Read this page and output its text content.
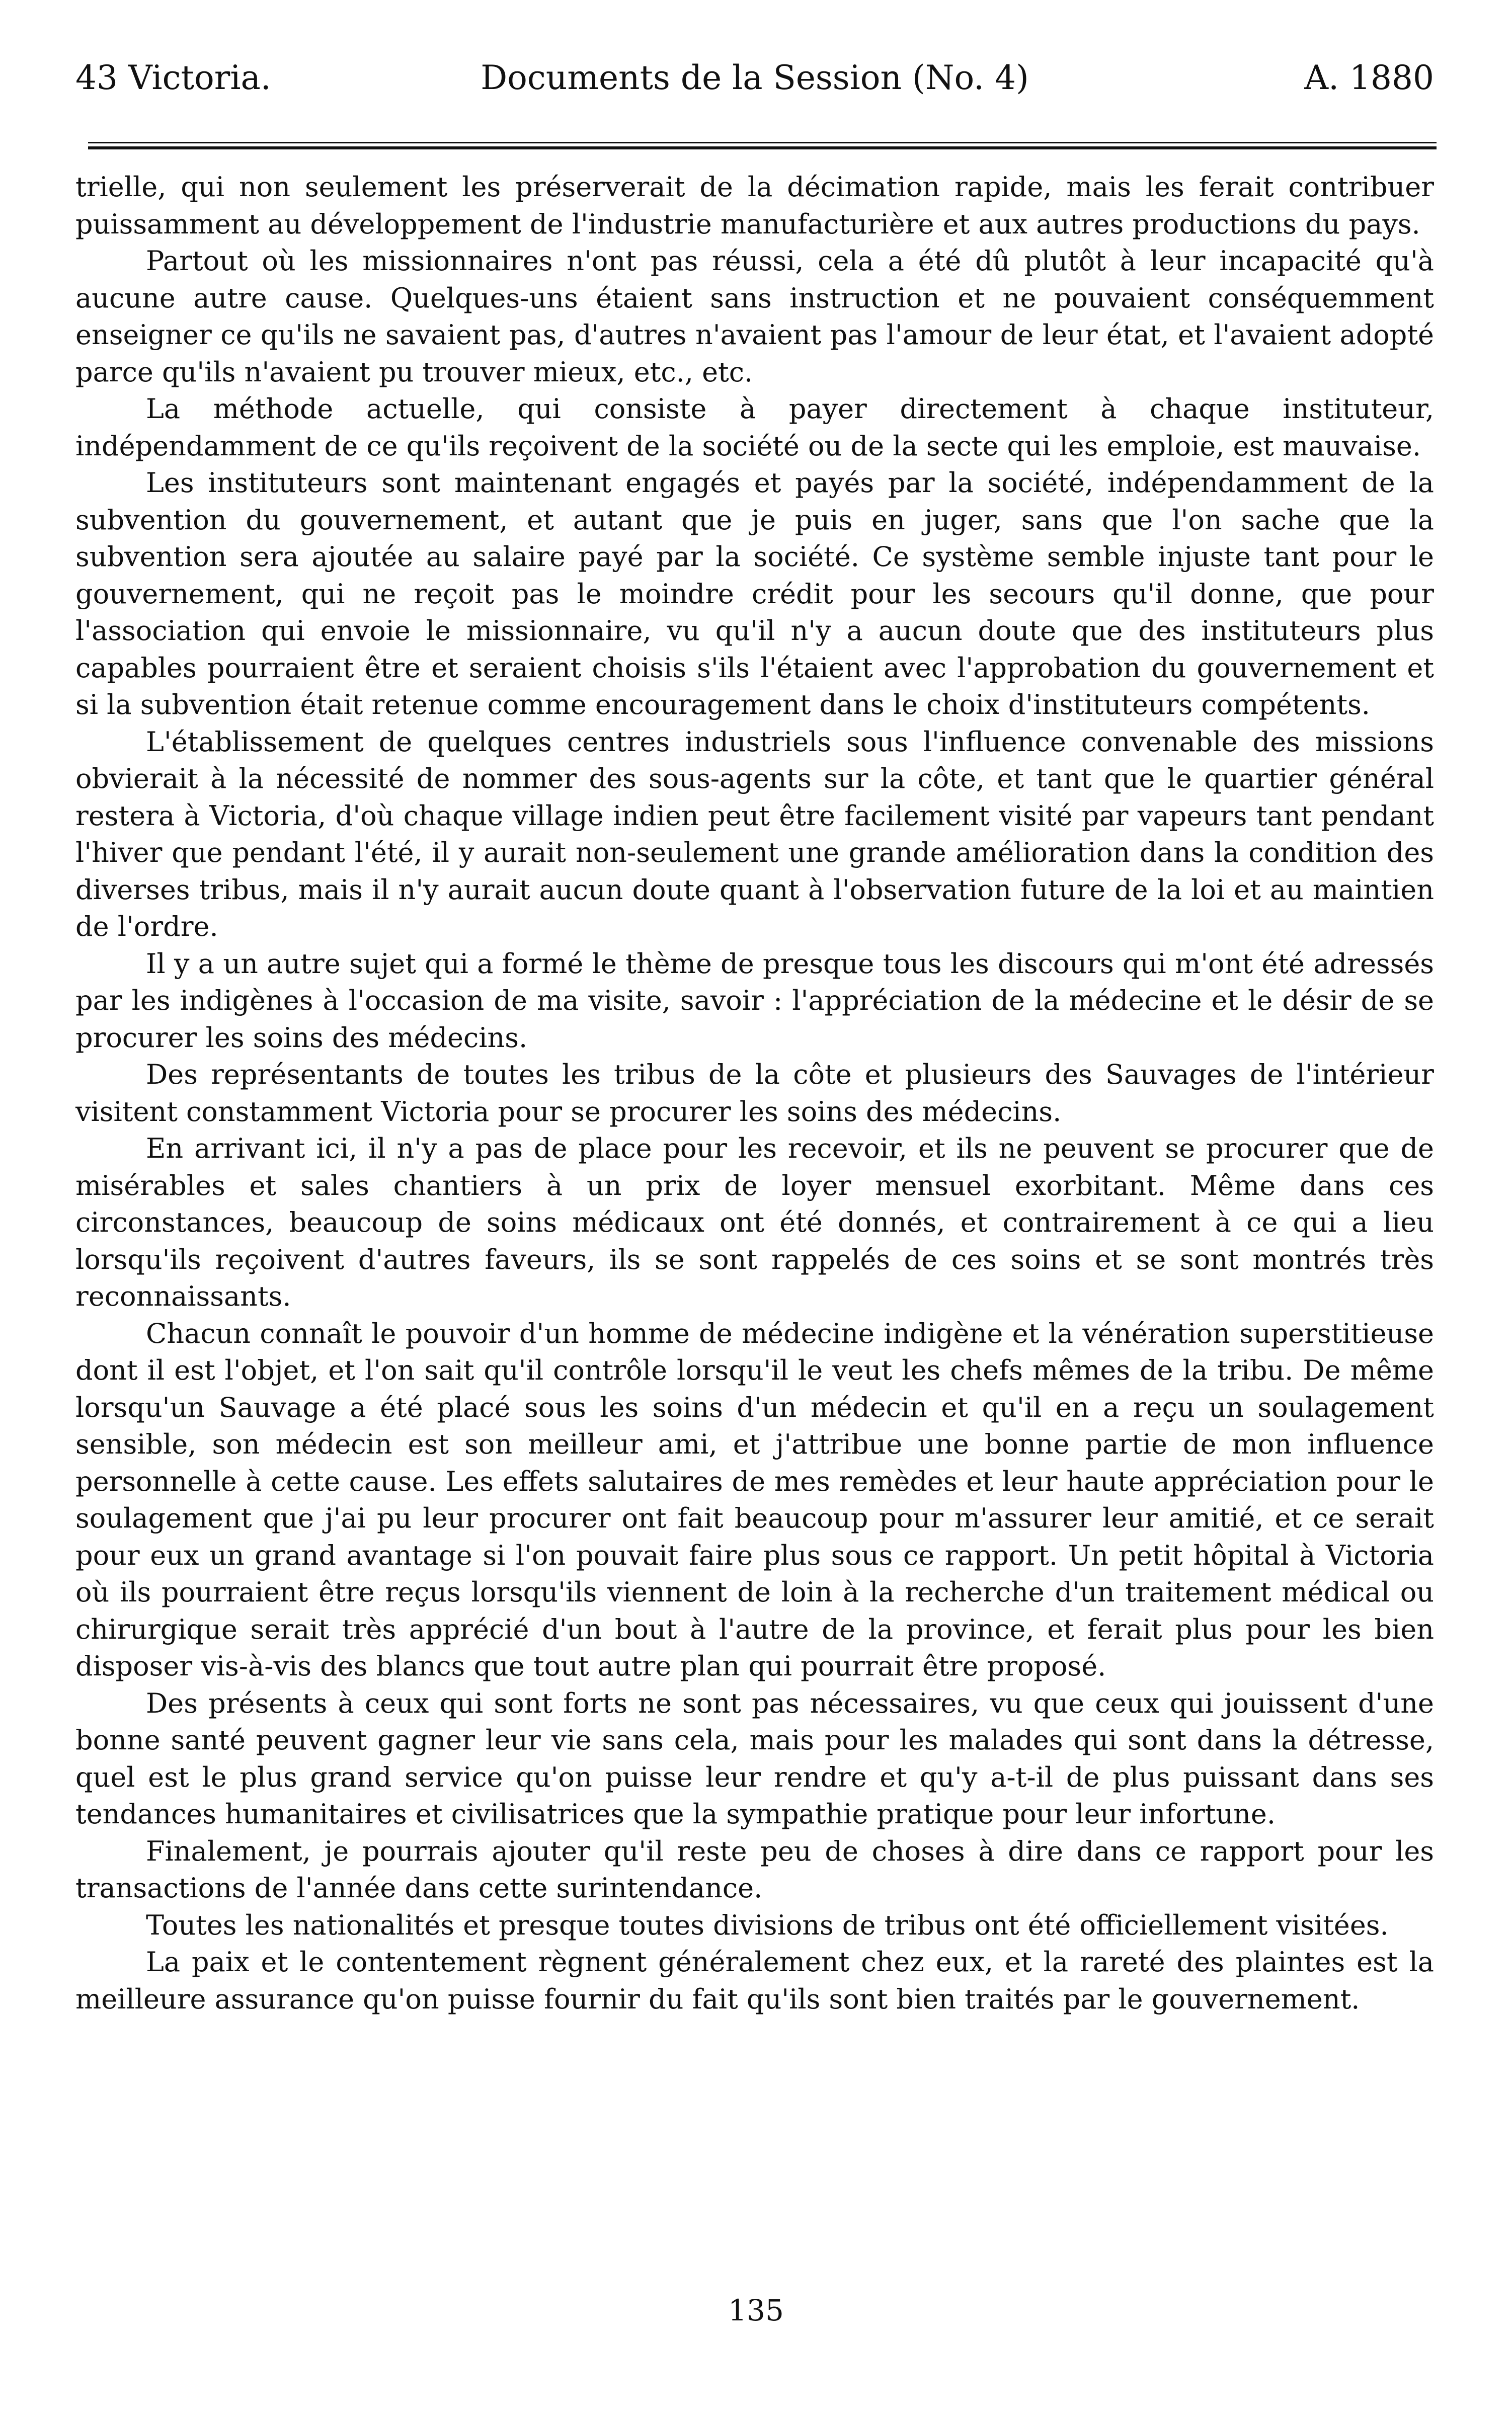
43 Victoria.	Documents de la Session (No. 4)	A. 1880

trielle, qui non seulement les préserverait de la décimation rapide, mais les ferait contribuer puissamment au développement de l'industrie manufacturière et aux autres productions du pays.

Partout où les missionnaires n'ont pas réussi, cela a été dû plutôt à leur incapacité qu'à aucune autre cause. Quelques-uns étaient sans instruction et ne pouvaient conséquemment enseigner ce qu'ils ne savaient pas, d'autres n'avaient pas l'amour de leur état, et l'avaient adopté parce qu'ils n'avaient pu trouver mieux, etc., etc.

La méthode actuelle, qui consiste à payer directement à chaque instituteur, indépendamment de ce qu'ils reçoivent de la société ou de la secte qui les emploie, est mauvaise.

Les instituteurs sont maintenant engagés et payés par la société, indépendamment de la subvention du gouvernement, et autant que je puis en juger, sans que l'on sache que la subvention sera ajoutée au salaire payé par la société. Ce système semble injuste tant pour le gouvernement, qui ne reçoit pas le moindre crédit pour les secours qu'il donne, que pour l'association qui envoie le missionnaire, vu qu'il n'y a aucun doute que des instituteurs plus capables pourraient être et seraient choisis s'ils l'étaient avec l'approbation du gouvernement et si la subvention était retenue comme encouragement dans le choix d'instituteurs compétents.

L'établissement de quelques centres industriels sous l'influence convenable des missions obvierait à la nécessité de nommer des sous-agents sur la côte, et tant que le quartier général restera à Victoria, d'où chaque village indien peut être facilement visité par vapeurs tant pendant l'hiver que pendant l'été, il y aurait non-seulement une grande amélioration dans la condition des diverses tribus, mais il n'y aurait aucun doute quant à l'observation future de la loi et au maintien de l'ordre.

Il y a un autre sujet qui a formé le thème de presque tous les discours qui m'ont été adressés par les indigènes à l'occasion de ma visite, savoir : l'appréciation de la médecine et le désir de se procurer les soins des médecins.

Des représentants de toutes les tribus de la côte et plusieurs des Sauvages de l'intérieur visitent constamment Victoria pour se procurer les soins des médecins.

En arrivant ici, il n'y a pas de place pour les recevoir, et ils ne peuvent se procurer que de misérables et sales chantiers à un prix de loyer mensuel exorbitant. Même dans ces circonstances, beaucoup de soins médicaux ont été donnés, et contrairement à ce qui a lieu lorsqu'ils reçoivent d'autres faveurs, ils se sont rappelés de ces soins et se sont montrés très reconnaissants.

Chacun connaît le pouvoir d'un homme de médecine indigène et la vénération superstitieuse dont il est l'objet, et l'on sait qu'il contrôle lorsqu'il le veut les chefs mêmes de la tribu. De même lorsqu'un Sauvage a été placé sous les soins d'un médecin et qu'il en a reçu un soulagement sensible, son médecin est son meilleur ami, et j'attribue une bonne partie de mon influence personnelle à cette cause. Les effets salutaires de mes remèdes et leur haute appréciation pour le soulagement que j'ai pu leur procurer ont fait beaucoup pour m'assurer leur amitié, et ce serait pour eux un grand avantage si l'on pouvait faire plus sous ce rapport. Un petit hôpital à Victoria où ils pourraient être reçus lorsqu'ils viennent de loin à la recherche d'un traitement médical ou chirurgique serait très apprécié d'un bout à l'autre de la province, et ferait plus pour les bien disposer vis-à-vis des blancs que tout autre plan qui pourrait être proposé.

Des présents à ceux qui sont forts ne sont pas nécessaires, vu que ceux qui jouissent d'une bonne santé peuvent gagner leur vie sans cela, mais pour les malades qui sont dans la détresse, quel est le plus grand service qu'on puisse leur rendre et qu'y a-t-il de plus puissant dans ses tendances humanitaires et civilisatrices que la sympathie pratique pour leur infortune.

Finalement, je pourrais ajouter qu'il reste peu de choses à dire dans ce rapport pour les transactions de l'année dans cette surintendance.

Toutes les nationalités et presque toutes divisions de tribus ont été officiellement visitées.

La paix et le contentement règnent généralement chez eux, et la rareté des plaintes est la meilleure assurance qu'on puisse fournir du fait qu'ils sont bien traités par le gouvernement.

135
